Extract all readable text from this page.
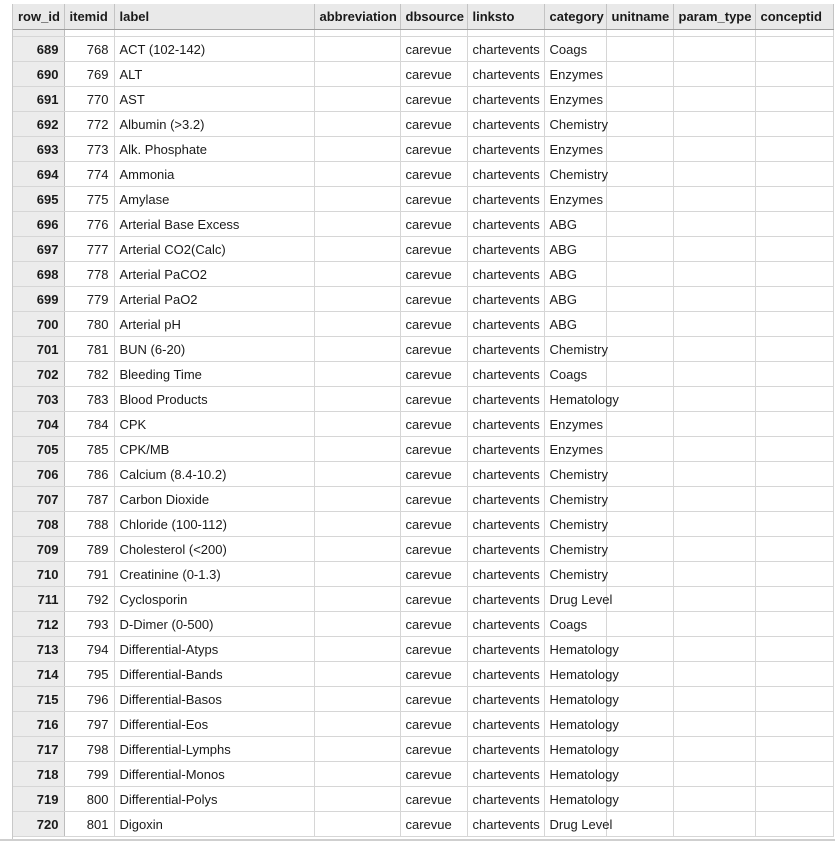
row_id	itemid	label	abbreviation	dbsource	linksto	category	unitname	param_type	conceptid

689	768	ACT (102-142)		carevue	chartevents	Coags			
690	769	ALT		carevue	chartevents	Enzymes			
691	770	AST		carevue	chartevents	Enzymes			
692	772	Albumin (>3.2)		carevue	chartevents	Chemistry			
693	773	Alk. Phosphate		carevue	chartevents	Enzymes			
694	774	Ammonia		carevue	chartevents	Chemistry			
695	775	Amylase		carevue	chartevents	Enzymes			
696	776	Arterial Base Excess		carevue	chartevents	ABG			
697	777	Arterial CO2(Calc)		carevue	chartevents	ABG			
698	778	Arterial PaCO2		carevue	chartevents	ABG			
699	779	Arterial PaO2		carevue	chartevents	ABG			
700	780	Arterial pH		carevue	chartevents	ABG			
701	781	BUN (6-20)		carevue	chartevents	Chemistry			
702	782	Bleeding Time		carevue	chartevents	Coags			
703	783	Blood Products		carevue	chartevents	Hematology			
704	784	CPK		carevue	chartevents	Enzymes			
705	785	CPK/MB		carevue	chartevents	Enzymes			
706	786	Calcium (8.4-10.2)		carevue	chartevents	Chemistry			
707	787	Carbon Dioxide		carevue	chartevents	Chemistry			
708	788	Chloride (100-112)		carevue	chartevents	Chemistry			
709	789	Cholesterol (<200)		carevue	chartevents	Chemistry			
710	791	Creatinine (0-1.3)		carevue	chartevents	Chemistry			
711	792	Cyclosporin		carevue	chartevents	Drug Level			
712	793	D-Dimer (0-500)		carevue	chartevents	Coags			
713	794	Differential-Atyps		carevue	chartevents	Hematology			
714	795	Differential-Bands		carevue	chartevents	Hematology			
715	796	Differential-Basos		carevue	chartevents	Hematology			
716	797	Differential-Eos		carevue	chartevents	Hematology			
717	798	Differential-Lymphs		carevue	chartevents	Hematology			
718	799	Differential-Monos		carevue	chartevents	Hematology			
719	800	Differential-Polys		carevue	chartevents	Hematology			
720	801	Digoxin		carevue	chartevents	Drug Level			
